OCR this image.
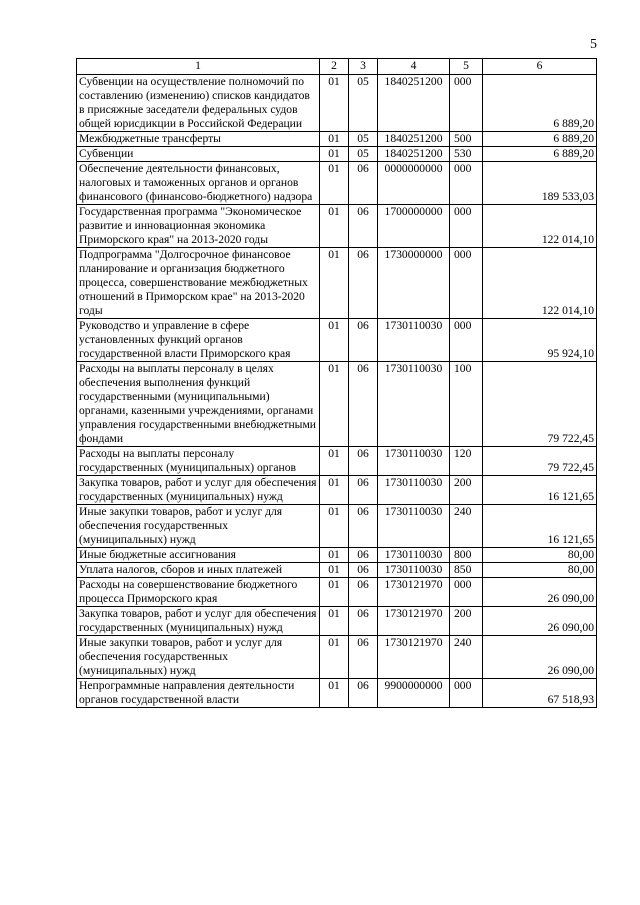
5
1	2	3	4	5	6
Субвенции на осуществление полномочий по составлению (изменению) списков кандидатов в присяжные заседатели федеральных судов общей юрисдикции в Российской Федерации	01	05	1840251200	000	6 889,20
Межбюджетные трансферты	01	05	1840251200	500	6 889,20
Субвенции	01	05	1840251200	530	6 889,20
Обеспечение деятельности финансовых, налоговых и таможенных органов и органов финансового (финансово-бюджетного) надзора	01	06	0000000000	000	189 533,03
Государственная программа "Экономическое развитие и инновационная экономика Приморского края" на 2013-2020 годы	01	06	1700000000	000	122 014,10
Подпрограмма "Долгосрочное финансовое планирование и организация бюджетного процесса, совершенствование межбюджетных отношений в Приморском крае" на 2013-2020 годы	01	06	1730000000	000	122 014,10
Руководство и управление в сфере установленных функций органов государственной власти Приморского края	01	06	1730110030	000	95 924,10
Расходы на выплаты персоналу в целях обеспечения выполнения функций государственными (муниципальными) органами, казенными учреждениями, органами управления государственными внебюджетными фондами	01	06	1730110030	100	79 722,45
Расходы на выплаты персоналу государственных (муниципальных) органов	01	06	1730110030	120	79 722,45
Закупка товаров, работ и услуг для обеспечения государственных (муниципальных) нужд	01	06	1730110030	200	16 121,65
Иные закупки товаров, работ и услуг для обеспечения государственных (муниципальных) нужд	01	06	1730110030	240	16 121,65
Иные бюджетные ассигнования	01	06	1730110030	800	80,00
Уплата налогов, сборов и иных платежей	01	06	1730110030	850	80,00
Расходы на совершенствование бюджетного процесса Приморского края	01	06	1730121970	000	26 090,00
Закупка товаров, работ и услуг для обеспечения государственных (муниципальных) нужд	01	06	1730121970	200	26 090,00
Иные закупки товаров, работ и услуг для обеспечения государственных (муниципальных) нужд	01	06	1730121970	240	26 090,00
Непрограммные направления деятельности органов государственной власти	01	06	9900000000	000	67 518,93
